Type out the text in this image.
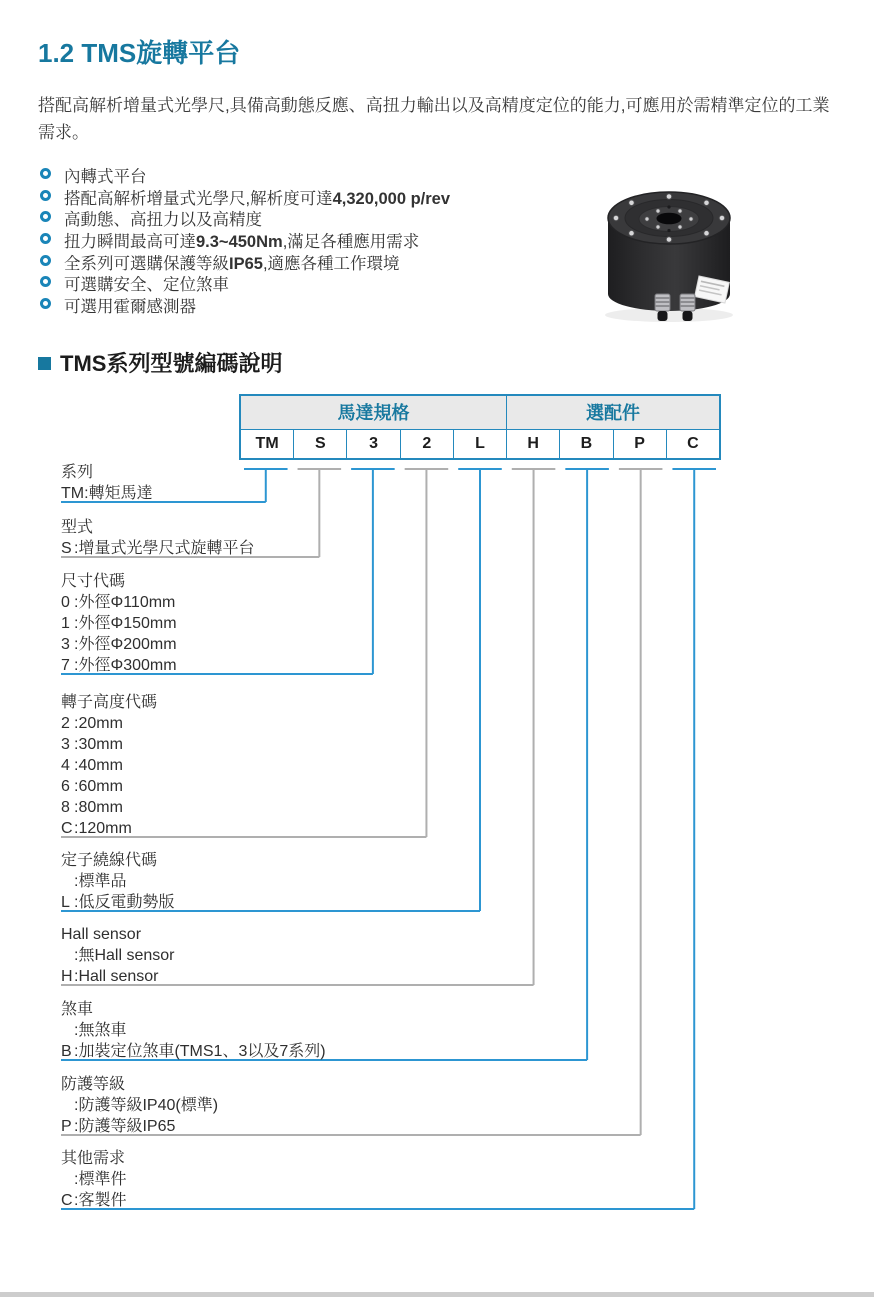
1.2 TMS旋轉平台
搭配高解析增量式光學尺,具備高動態反應、高扭力輸出以及高精度定位的能力,可應用於需精準定位的工業需求。
內轉式平台
搭配高解析增量式光學尺,解析度可達4,320,000 p/rev
高動態、高扭力以及高精度
扭力瞬間最高可達9.3~450Nm,滿足各種應用需求
全系列可選購保護等級IP65,適應各種工作環境
可選購安全、定位煞車
可選用霍爾感測器
TMS系列型號編碼說明
馬達規格	選配件
TM	S	3	2	L	H	B	P	C
系列
TM:轉矩馬達
型式
S :增量式光學尺式旋轉平台
尺寸代碼
0 :外徑Φ110mm
1 :外徑Φ150mm
3 :外徑Φ200mm
7 :外徑Φ300mm
轉子高度代碼
2 :20mm
3 :30mm
4 :40mm
6 :60mm
8 :80mm
C:120mm
定子繞線代碼
:標準品
L :低反電動勢版
Hall sensor
:無Hall sensor
H:Hall sensor
煞車
:無煞車
B :加裝定位煞車(TMS1、3以及7系列)
防護等級
:防護等級IP40(標準)
P :防護等級IP65
其他需求
:標準件
C:客製件
